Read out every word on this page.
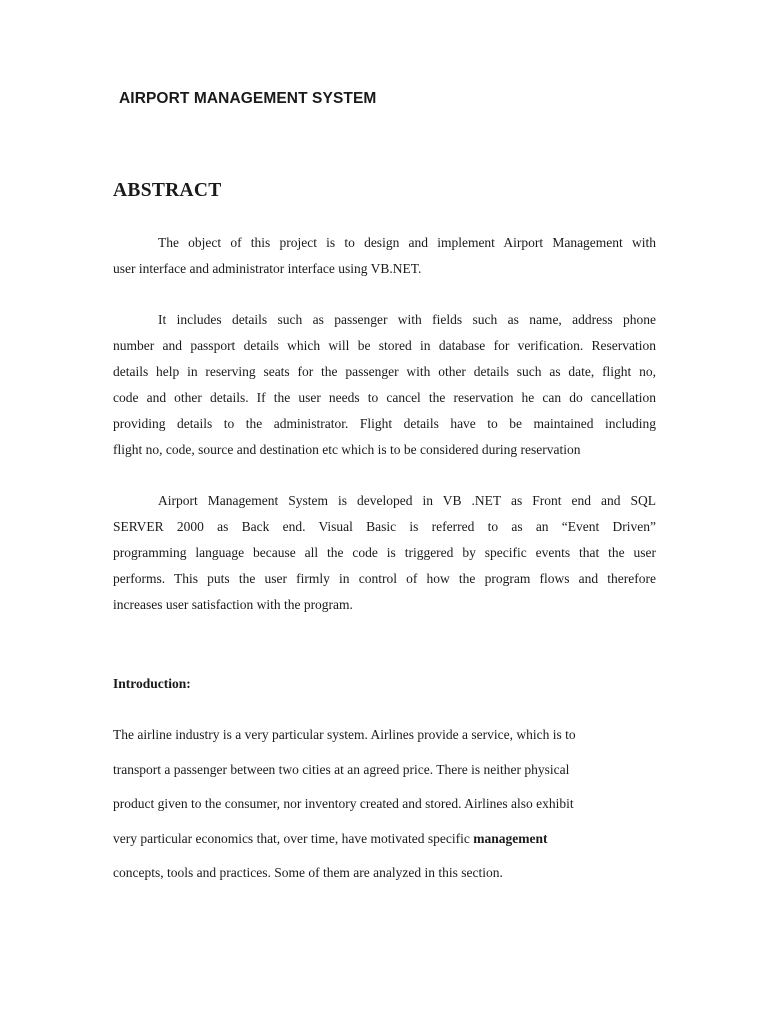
AIRPORT MANAGEMENT SYSTEM
ABSTRACT
The object of this project is to design and implement Airport Management with
user interface and administrator interface using VB.NET.
It includes details such as passenger with fields such as name, address phone
number and passport details which will be stored in database for verification. Reservation
details help in reserving seats for the passenger with other details such as date, flight no,
code and other details. If the user needs to cancel the reservation he can do cancellation
providing details to the administrator. Flight details have to be maintained including
flight no, code, source and destination etc which is to be considered during reservation
Airport Management System is developed in VB .NET as Front end and SQL
SERVER 2000 as Back end. Visual Basic is referred to as an “Event Driven”
programming language because all the code is triggered by specific events that the user
performs. This puts the user firmly in control of how the program flows and therefore
increases user satisfaction with the program.
Introduction:
The airline industry is a very particular system. Airlines provide a service, which is to
transport a passenger between two cities at an agreed price. There is neither physical
product given to the consumer, nor inventory created and stored. Airlines also exhibit
very particular economics that, over time, have motivated specific management
concepts, tools and practices. Some of them are analyzed in this section.
